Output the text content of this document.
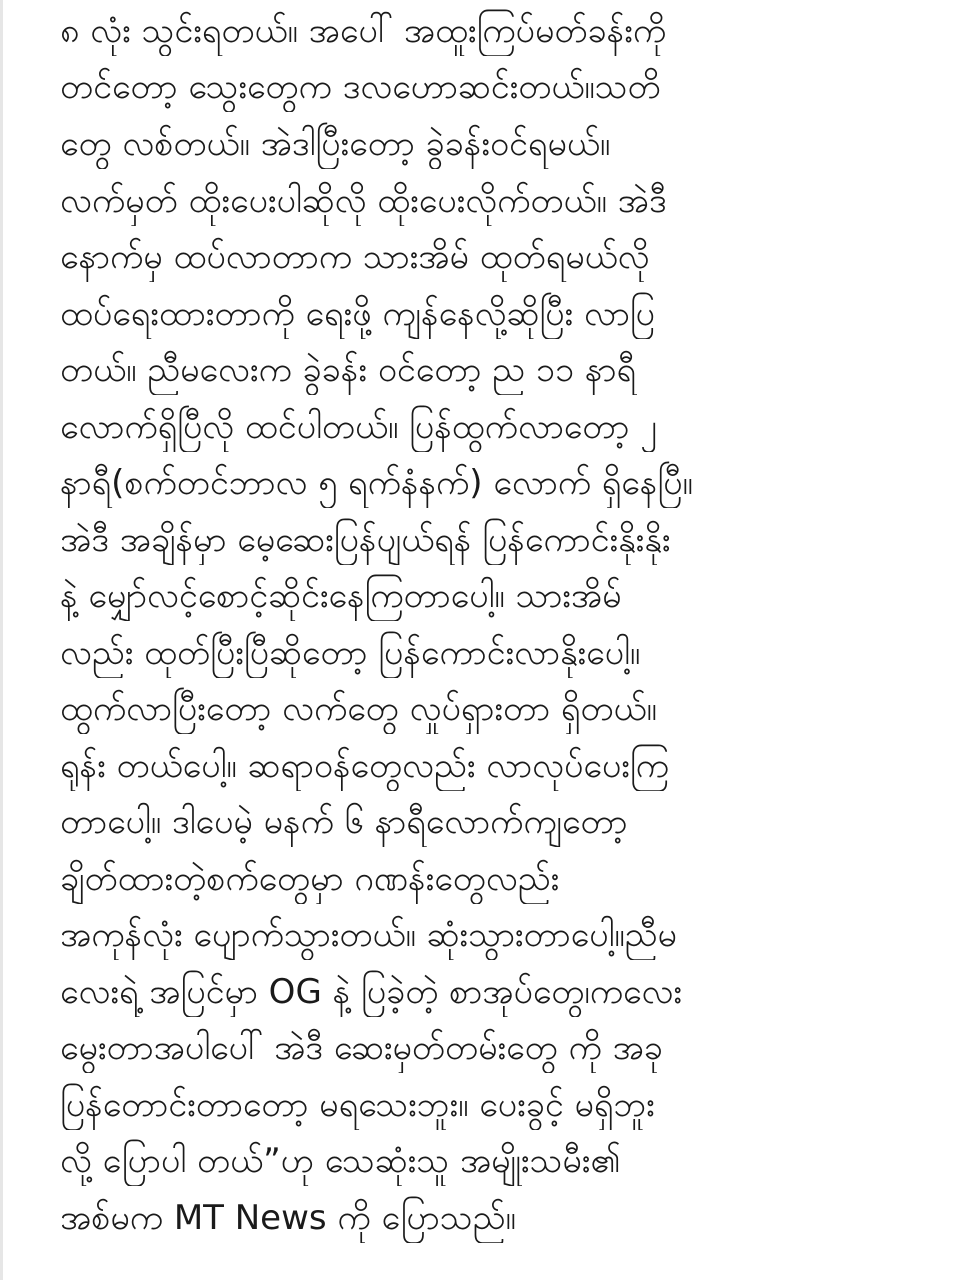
၈ လုံး သွင်းရတယ်။ အပေါ် အထူးကြပ်မတ်ခန်းကို
တင်တော့ သွေးတွေက ဒလဟောဆင်းတယ်။သတိ
တွေ လစ်တယ်။ အဲဒါပြီးတော့ ခွဲခန်းဝင်ရမယ်။
လက်မှတ် ထိုးပေးပါဆိုလို ထိုးပေးလိုက်တယ်။ အဲဒီ
နောက်မှ ထပ်လာတာက သားအိမ် ထုတ်ရမယ်လို
ထပ်ရေးထားတာကို ရေးဖို့ ကျန်နေလို့ဆိုပြီး လာပြ
တယ်။ ညီမလေးက ခွဲခန်း ဝင်တော့ ည ၁၁ နာရီ
လောက်ရှိပြီလို ထင်ပါတယ်။ ပြန်ထွက်လာတော့ ၂
နာရီ(စက်တင်ဘာလ ၅ ရက်နံနက်) လောက် ရှိနေပြီ။
အဲဒီ အချိန်မှာ မေ့ဆေးပြန်ပျယ်ရန် ပြန်ကောင်းနိုးနိုး
နဲ့ မျှော်လင့်စောင့်ဆိုင်းနေကြတာပေါ့။ သားအိမ်
လည်း ထုတ်ပြီးပြီဆိုတော့ ပြန်ကောင်းလာနိုးပေါ့။
ထွက်လာပြီးတော့ လက်တွေ လှုပ်ရှားတာ ရှိတယ်။
ရုန်း တယ်ပေါ့။ ဆရာဝန်တွေလည်း လာလုပ်ပေးကြ
တာပေါ့။ ဒါပေမဲ့ မနက် ၆ နာရီလောက်ကျတော့
ချိတ်ထားတဲ့စက်တွေမှာ ဂဏန်းတွေလည်း
အကုန်လုံး ပျောက်သွားတယ်။ ဆုံးသွားတာပေါ့။ညီမ
လေးရဲ့ အပြင်မှာ OG နဲ့ ပြခဲ့တဲ့ စာအုပ်တွေ၊ကလေး
မွေးတာအပါပေါ် အဲဒီ ဆေးမှတ်တမ်းတွေ ကို အခု
ပြန်တောင်းတာတော့ မရသေးဘူး။ ပေးခွင့် မရှိဘူး
လို့ ပြောပါ တယ်”ဟု သေဆုံးသူ အမျိုးသမီး၏
အစ်မက MT News ကို ပြောသည်။
